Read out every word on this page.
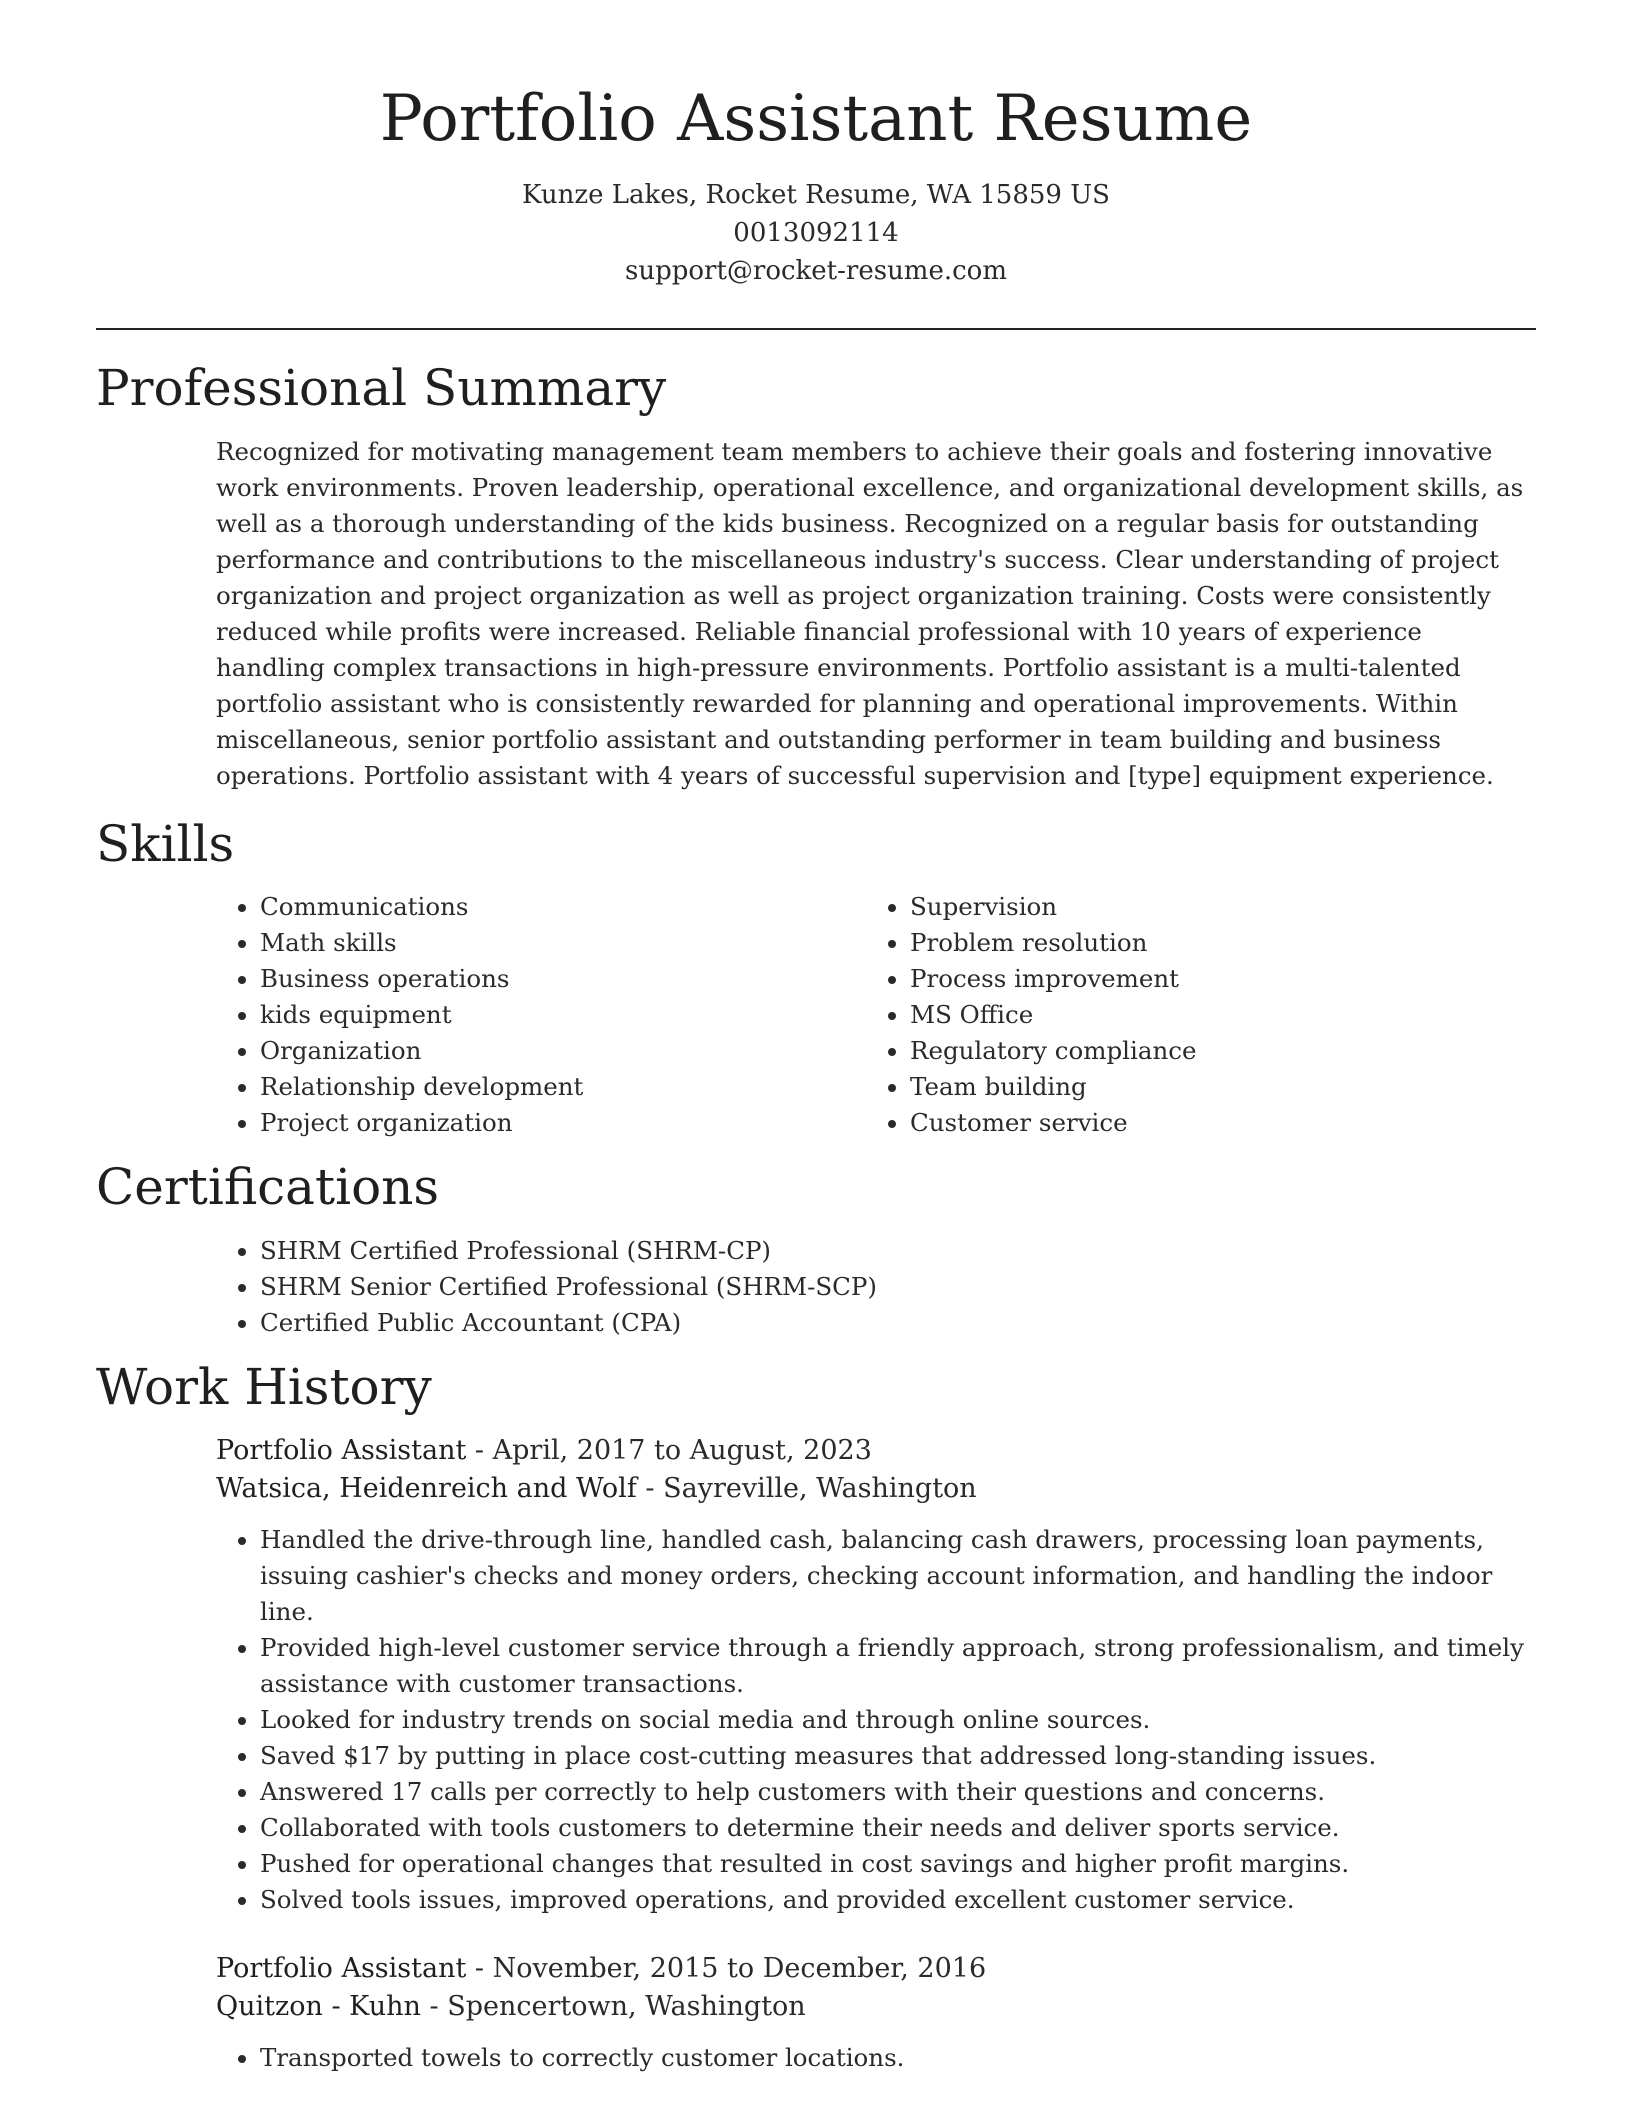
Portfolio Assistant Resume
Kunze Lakes, Rocket Resume, WA 15859 US
0013092114
support@rocket-resume.com
Professional Summary

Recognized for motivating management team members to achieve their goals and fostering innovative work environments. Proven leadership, operational excellence, and organizational development skills, as well as a thorough understanding of the kids business. Recognized on a regular basis for outstanding performance and contributions to the miscellaneous industry's success. Clear understanding of project organization and project organization as well as project organization training. Costs were consistently reduced while profits were increased. Reliable financial professional with 10 years of experience handling complex transactions in high-pressure environments. Portfolio assistant is a multi-talented portfolio assistant who is consistently rewarded for planning and operational improvements. Within miscellaneous, senior portfolio assistant and outstanding performer in team building and business operations. Portfolio assistant with 4 years of successful supervision and [type] equipment experience.

Skills
• Communications
• Math skills
• Business operations
• kids equipment
• Organization
• Relationship development
• Project organization
• Supervision
• Problem resolution
• Process improvement
• MS Office
• Regulatory compliance
• Team building
• Customer service
Certifications
• SHRM Certified Professional (SHRM-CP)
• SHRM Senior Certified Professional (SHRM-SCP)
• Certified Public Accountant (CPA)
Work History
Portfolio Assistant - April, 2017 to August, 2023
Watsica, Heidenreich and Wolf - Sayreville, Washington
• Handled the drive-through line, handled cash, balancing cash drawers, processing loan payments, issuing cashier's checks and money orders, checking account information, and handling the indoor line.
• Provided high-level customer service through a friendly approach, strong professionalism, and timely assistance with customer transactions.
• Looked for industry trends on social media and through online sources.
• Saved $17 by putting in place cost-cutting measures that addressed long-standing issues.
• Answered 17 calls per correctly to help customers with their questions and concerns.
• Collaborated with tools customers to determine their needs and deliver sports service.
• Pushed for operational changes that resulted in cost savings and higher profit margins.
• Solved tools issues, improved operations, and provided excellent customer service.
Portfolio Assistant - November, 2015 to December, 2016
Quitzon - Kuhn - Spencertown, Washington
• Transported towels to correctly customer locations.
